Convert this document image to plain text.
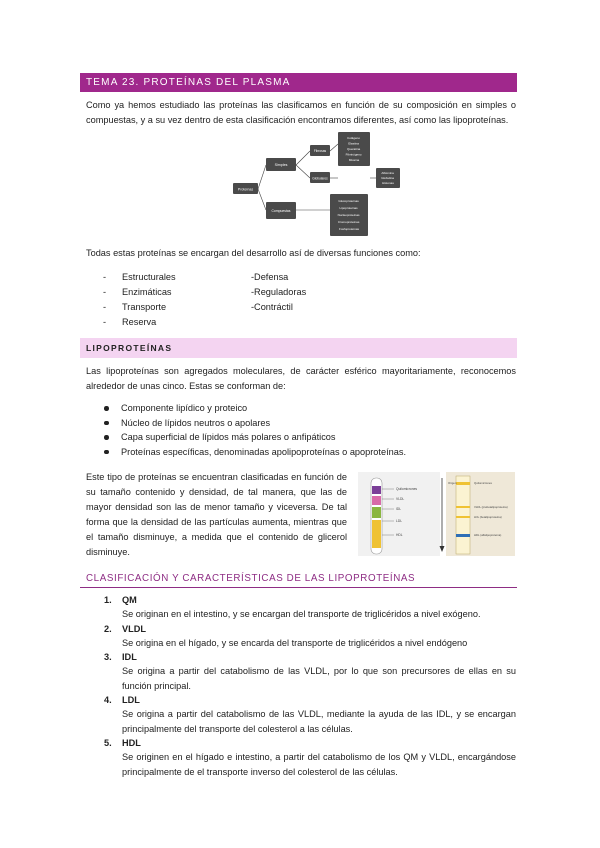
TEMA 23. PROTEÍNAS DEL PLASMA

Como ya hemos estudiado las proteínas las clasificamos en función de su composición en simples o compuestas, y a su vez dentro de esta clasificación encontramos diferentes, así como las lipoproteínas.

Proteínas
Simples
Compuestas
Fibrosas
Globulares
Colágeno Elastina Queratina Fibrinógeno Miosina
Albúmina Globulina Histonas
Glucoproteínas Lipoproteínas Nucleoproteínas Cromoproteínas Fosfoproteínas

Todas estas proteínas se encargan del desarrollo así de diversas funciones como:

- Estructurales	-Defensa
- Enzimáticas	-Reguladoras
- Transporte	-Contráctil
- Reserva
LIPOPROTEÍNAS

Las lipoproteínas son agregados moleculares, de carácter esférico mayoritariamente, reconocemos alrededor de unas cinco. Estas se conforman de:

Componente lipídico y proteico
Núcleo de lípidos neutros o apolares
Capa superficial de lípidos más polares o anfipáticos
Proteínas específicas, denominadas apolipoproteínas o apoproteínas.

Este tipo de proteínas se encuentran clasificadas en función de su tamaño contenido y densidad, de tal manera, que las de mayor densidad son las de menor tamaño y viceversa. De tal forma que la densidad de las partículas aumenta, mientras que el tamaño disminuye, a medida que el contenido de glicerol disminuye.

Quilomicrones
VLDL
IDL
LDL
HDL
Origen	Quilomicrones
VLDL (prebetalipoproteína)
LDL (betalipoproteína)
HDL (alfalipoproteína)
CLASIFICACIÓN Y CARACTERÍSTICAS DE LAS LIPOPROTEÍNAS
1. QM

Se originan en el intestino, y se encargan del transporte de triglicéridos a nivel exógeno.

2. VLDL

Se origina en el hígado, y se encarda del transporte de triglicéridos a nivel endógeno

3. IDL

Se origina a partir del catabolismo de las VLDL, por lo que son precursores de ellas en su función principal.

4. LDL

Se origina a partir del catabolismo de las VLDL, mediante la ayuda de las IDL, y se encargan principalmente del transporte del colesterol a las células.

5. HDL

Se originen en el hígado e intestino, a partir del catabolismo de los QM y VLDL, encargándose principalmente de el transporte inverso del colesterol de las células.
